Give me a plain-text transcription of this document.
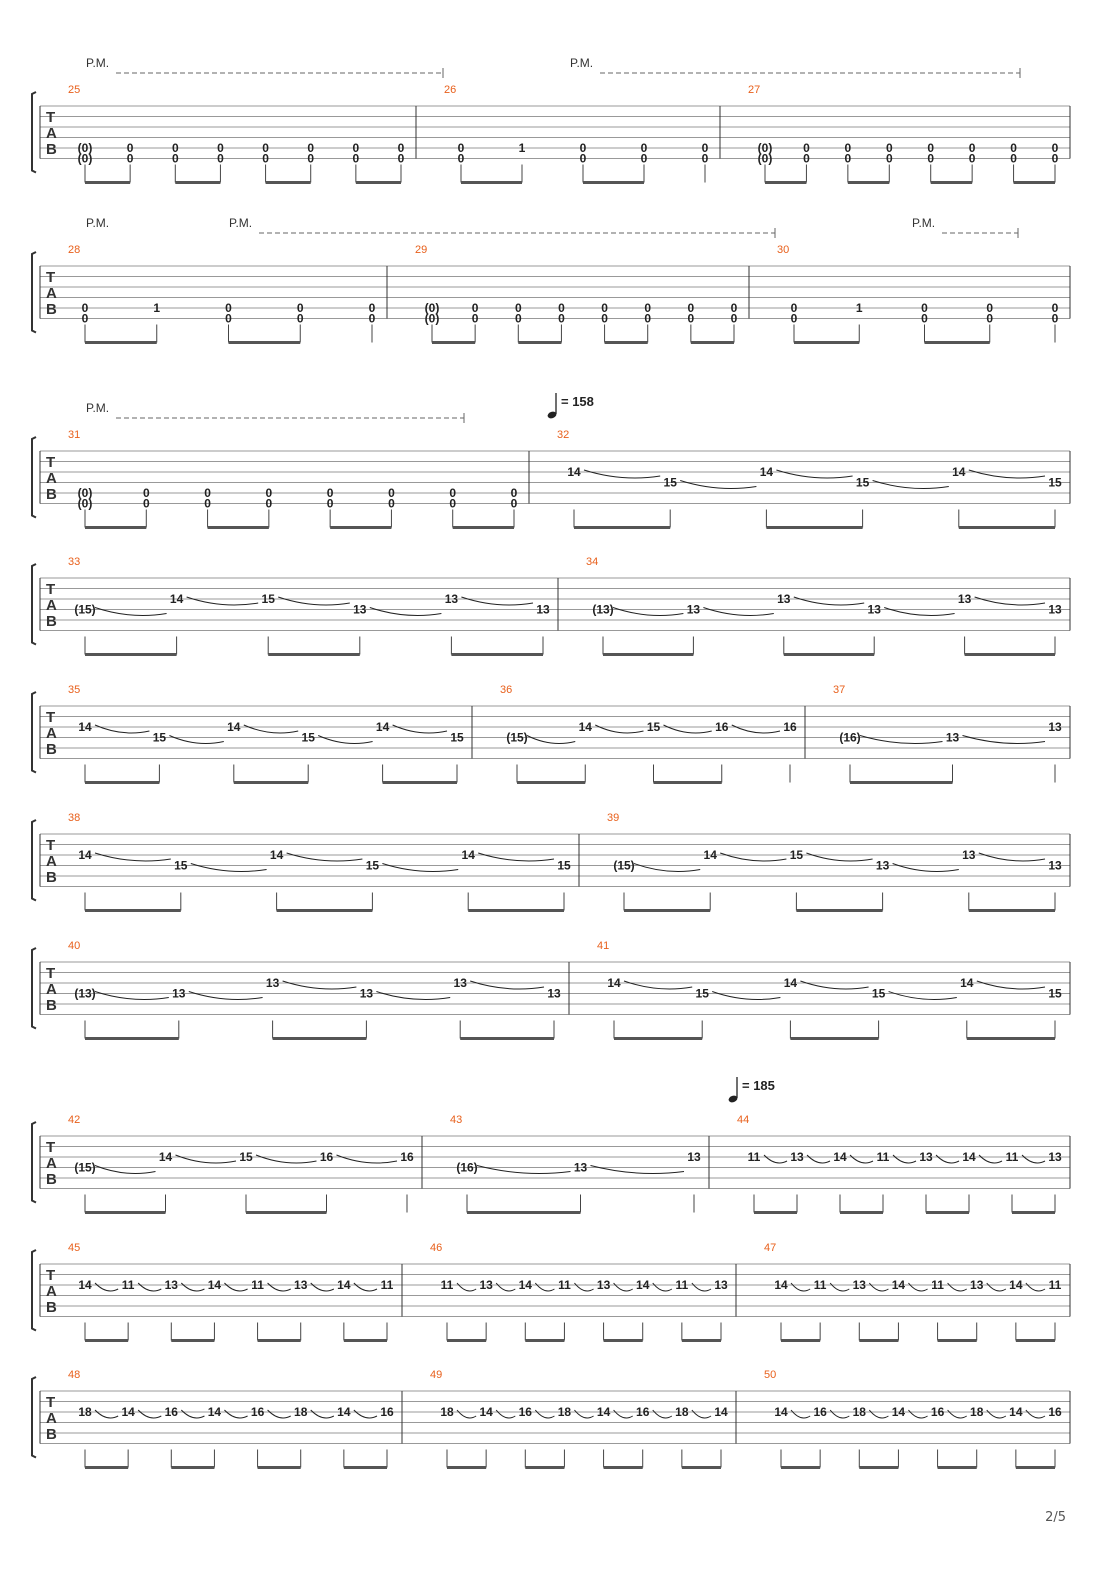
T
A
B
P.M.	P.M.
25
(0)
(0)
0
0
0
0
0
0
0
0
0
0
0
0
0
0
26
0
0
1	0
0
0
0
0
0
27
(0)
(0)
0
0
0
0
0
0
0
0
0
0
0
0
0
0
T
A
B
P.M.	P.M.	P.M.
28
0
0
1	0
0
0
0
0
0
29
(0)
(0)
0
0
0
0
0
0
0
0
0
0
0
0
0
0
30
0
0
1	0
0
0
0
0
0
T
A
B
P.M.	= 158
31
(0)
(0)
0
0
0
0
0
0
0
0
0
0
0
0
0
0
32
14
15
14
15
14
15
T
A
B
33
(15)
14	15
13
13
13
34
(13)	13
13
13
13
13
T
A
B
35
14
15
14
15
14
15
36
(15)
14	15	16	16
37
(16)	13
13
T
A
B
38
14
15
14
15
14
15
39
(15)
14	15
13
13
13
T
A
B
40
(13)	13
13
13
13
13
41
14
15
14
15
14
15
T
A
B
= 185
42
(15)
14	15	16	16
43
(16)	13
13
44
11 13 14 11 13 14 11 13
T
A
B
45
14	11	13 14	11	13 14	11
46
11 13 14 11 13 14 11 13
47
14 11 13 14 11 13 14 11
T
A
B
48
18 14 16 14 16 18 14 16
49
18 14 16 18 14 16 18 14
50
14 16 18 14 16 18 14 16
2/5
